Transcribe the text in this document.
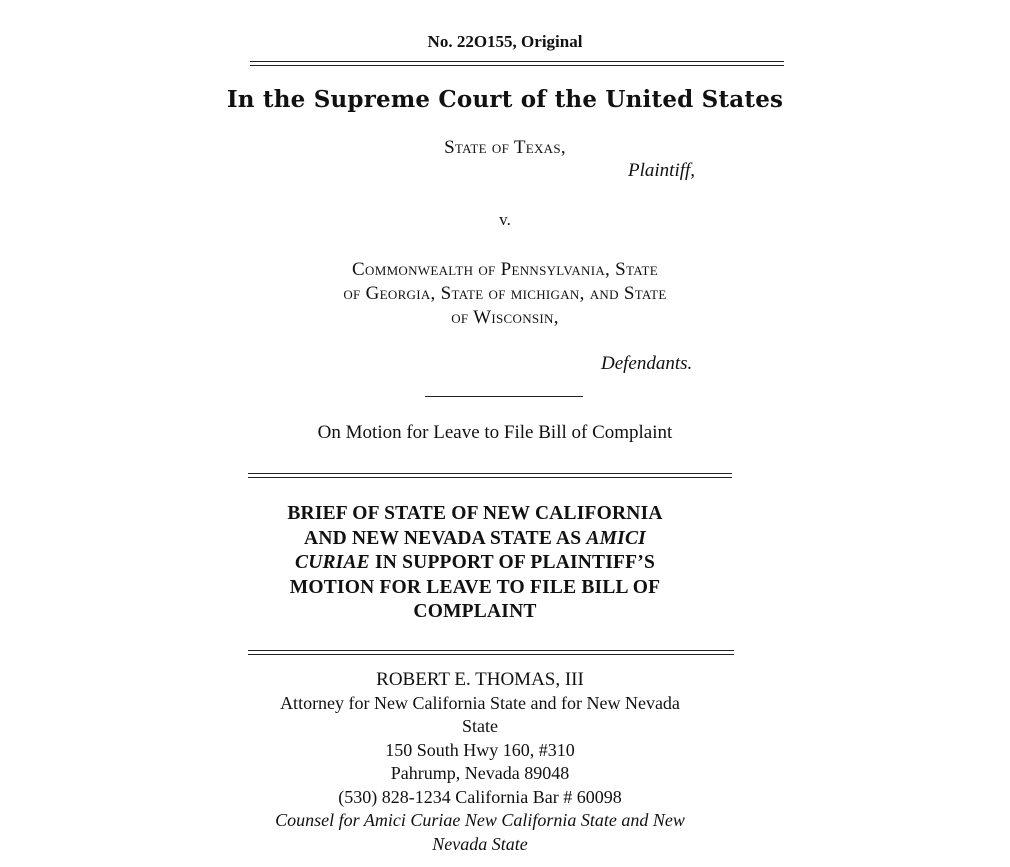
No. 22O155, Original
In the Supreme Court of the United States
State of Texas,
Plaintiff,
v.
Commonwealth of Pennsylvania, State
of Georgia, State of michigan, and State
of Wisconsin,
Defendants.
On Motion for Leave to File Bill of Complaint
BRIEF OF STATE OF NEW CALIFORNIA
AND NEW NEVADA STATE AS AMICI
CURIAE IN SUPPORT OF PLAINTIFF’S
MOTION FOR LEAVE TO FILE BILL OF
COMPLAINT
ROBERT E. THOMAS, III
Attorney for New California State and for New Nevada
State
150 South Hwy 160, #310
Pahrump, Nevada 89048
(530) 828-1234 California Bar # 60098
Counsel for Amici Curiae New California State and New
Nevada State
